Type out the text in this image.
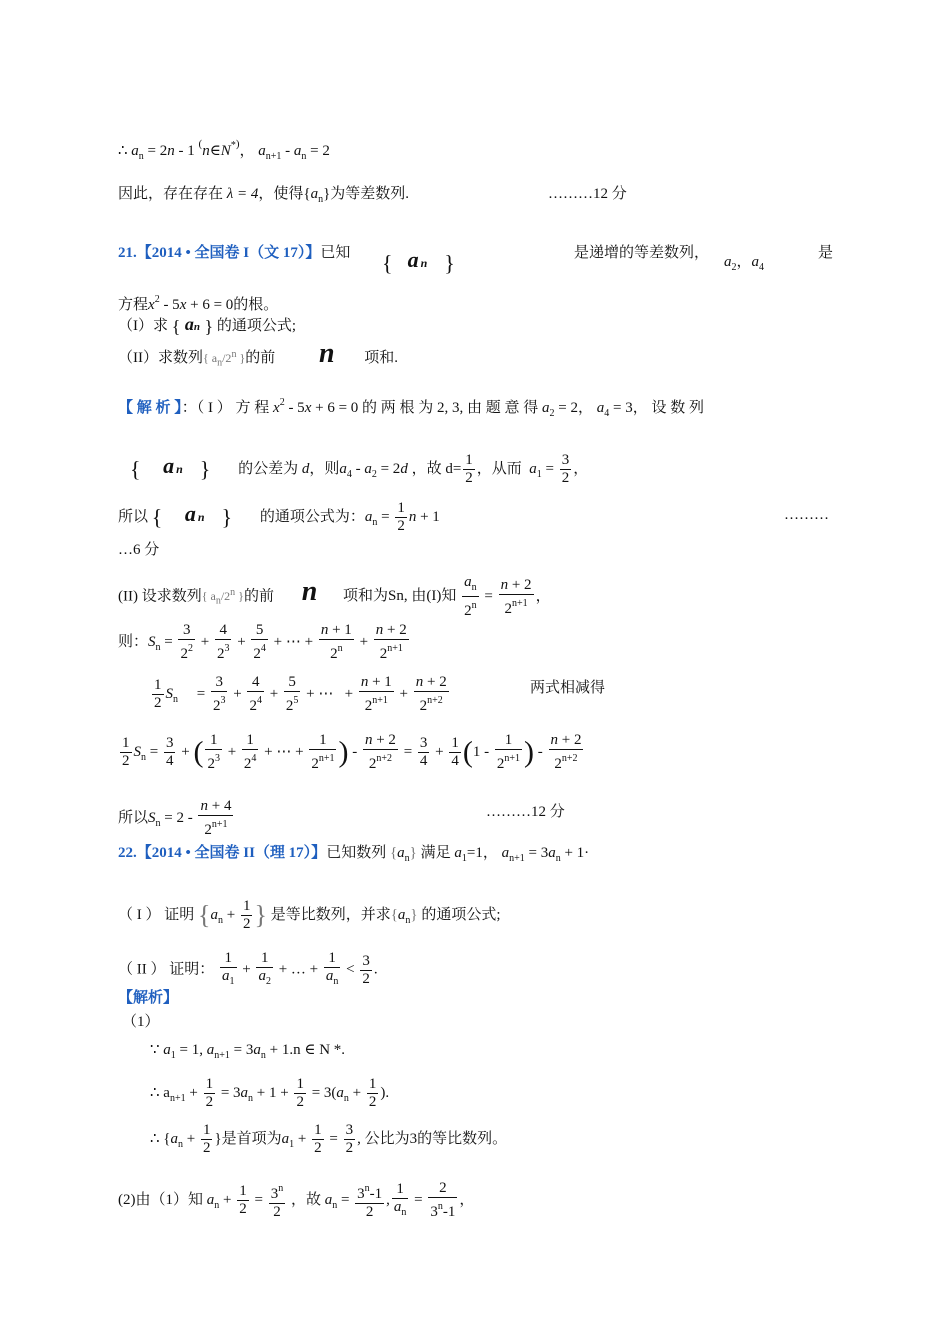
∴ $a_n = 2n - 1$ (n∈N*)， $a_{n+1} - a_n = 2$
因此，存在存在 λ = 4，使得$\{a_n\}$为等差数列.	………12 分
21.【2014 • 全国卷 I（文 17）】已知 {  an }	是递增的等差数列，
$a_2$，$a_4$
是
方程$x^2 - 5x + 6 = 0$的根。
（I）求 { an } 的通项公式;
（II）求数列{ $a_n/2^n$ }的前 n 项和.
【 解 析 】：（ I ） 方 程 $x^2 - 5x + 6 = 0$ 的 两 根 为 2, 3, 由 题 意 得 $a_2 = 2$， $a_4 = 3$， 设 数 列
{   an } 的公差为 d，则$a_4 - a_2 = 2d$ ，故 $d= \frac{1}{2}$ ，从而 $a_1 = \frac{3}{2}$ ，
所以 {   an } 的通项公式为：$a_n = \frac{1}{2}$ n + 1	………
…6 分
(II) 设求数列{ $a_n/2^n$ }的前 n 项和为Sn, 由(I)知 $\frac{a_n}{2^n} = \frac{n + 2}{2^{n+1}}$ ，
则：$S_n = \frac{3}{2^2} + \frac{4}{2^3} + \frac{5}{2^4}$ + ⋯ + $\frac{n + 1}{2^n} + \frac{n + 2}{2^{n+1}}$
$\frac{1}{2} S_n$     = $\frac{3}{2^3} + \frac{4}{2^4} + \frac{5}{2^5}$ + ⋯   + $\frac{n + 1}{2^{n+1}} + \frac{n + 2}{2^{n+2}}$	两式相减得
$\frac{1}{2} S_n = \frac{3}{4}$ + ( $\frac{1}{2^3} + \frac{1}{2^4}$ + ⋯ + $\frac{1}{2^{n+1}}$ ) - $\frac{n + 2}{2^{n+2}} = \frac{3}{4} + \frac{1}{4} (1 - \frac{1}{2^{n+1}}$ ) - $\frac{n + 2}{2^{n+2}}$
所以$S_n = 2 - \frac{n + 4}{2^{n+1}}$	………12 分
22.【2014 • 全国卷 II（理 17）】已知数列 $\{a_n\}$ 满足 $a_1=1$， $a_{n+1} = 3a_n + 1\cdot$
（ I ） 证明 {$a_n + \frac{1}{2}$ } 是等比数列，并求$\{a_n\}$ 的通项公式;
（ II ） 证明： $\frac{1}{a_1} + \frac{1}{a_2}$ + … + $\frac{1}{a_n} < \frac{3}{2}$ .
【解析】
（1）
∵ $a_1 = 1$, $a_{n+1} = 3a_n + 1.n$ ∈ N *.
∴ $a_{n+1} + \frac{1}{2} = 3a_n + 1 + \frac{1}{2} = 3(a_n + \frac{1}{2}$ ).
∴ {$a_n + \frac{1}{2}$ }是首项为$a_1 + \frac{1}{2} = \frac{3}{2}$ , 公比为3的等比数列。
(2)由（1）知 $a_n + \frac{1}{2} = \frac{3^n}{2}$ ，故 $a_n = \frac{3^n-1}{2}$ , $\frac{1}{a_n} = \frac{2}{3^n-1}$ ，
